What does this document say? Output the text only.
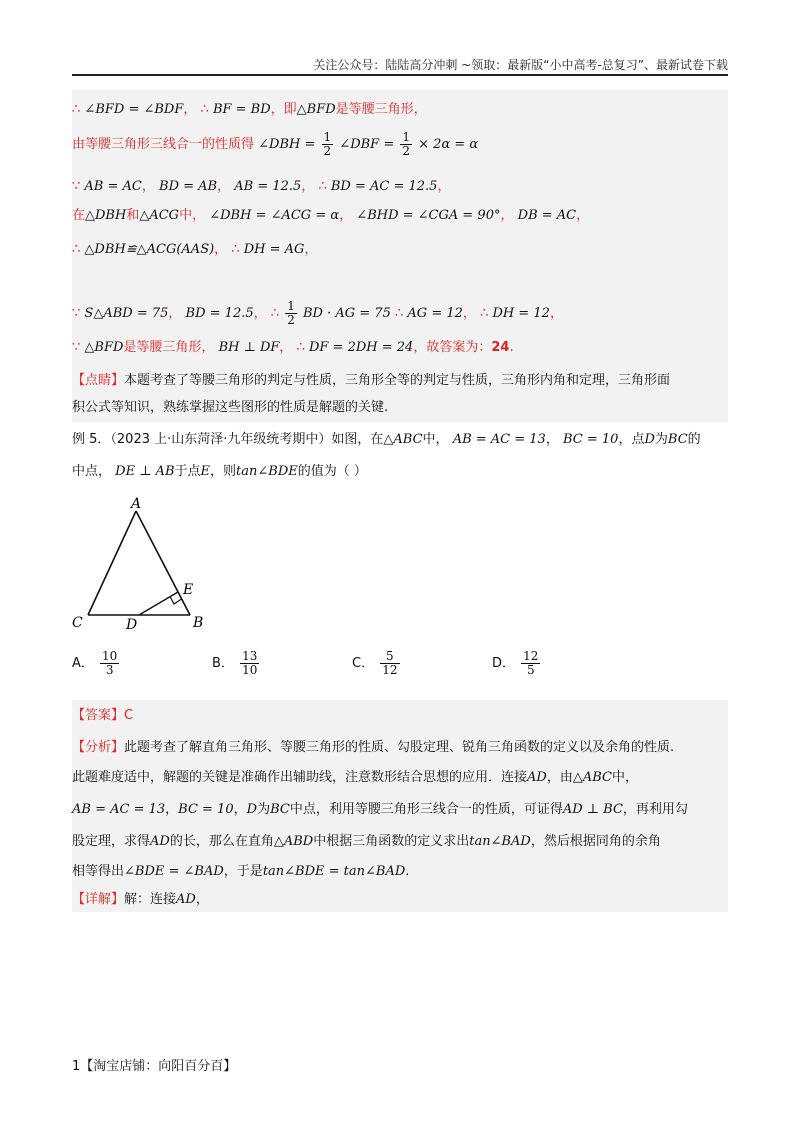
关注公众号：陆陆高分冲刺 ~领取：最新版“小中高考-总复习”、最新试卷下载
∴ ∠BFD = ∠BDF， ∴ BF = BD，即△BFD是等腰三角形，
由等腰三角形三线合一的性质得 ∠DBH = $\frac{1}{2}$ ∠DBF = $\frac{1}{2} \times 2\alpha = \alpha$
∵ AB = AC， BD = AB， AB = 12.5， ∴ BD = AC = 12.5，
在△DBH和△ACG中， ∠DBH = ∠ACG = α， ∠BHD = ∠CGA = 90°， DB = AC，
∴ △DBH≌△ACG(AAS)， ∴ DH = AG，
∵ S△ABD = 75， BD = 12.5， ∴ $\frac{1}{2}$ BD · AG = 75 ∴ AG = 12， ∴ DH = 12，
∵ △BFD是等腰三角形， BH ⊥ DF， ∴ DF = 2DH = 24，故答案为：24.
【点睛】本题考查了等腰三角形的判定与性质，三角形全等的判定与性质，三角形内角和定理，三角形面
积公式等知识，熟练掌握这些图形的性质是解题的关键.
例 5．（2023 上·山东菏泽·九年级统考期中）如图，在△ABC中， AB = AC = 13， BC = 10，点D为BC的
中点， DE ⊥ AB于点E，则tan∠BDE的值为（ ）
A
C	B
D
E
A． $\frac{10}{3}$	B． $\frac{13}{10}$	C． $\frac{5}{12}$	D． $\frac{12}{5}$
【答案】C
【分析】此题考查了解直角三角形、等腰三角形的性质、勾股定理、锐角三角函数的定义以及余角的性质.
此题难度适中，解题的关键是准确作出辅助线，注意数形结合思想的应用．连接AD，由△ABC中，
AB = AC = 13，BC = 10，D为BC中点，利用等腰三角形三线合一的性质，可证得AD ⊥ BC，再利用勾
股定理，求得AD的长，那么在直角△ABD中根据三角函数的定义求出tan∠BAD，然后根据同角的余角
相等得出∠BDE = ∠BAD，于是tan∠BDE = tan∠BAD.
【详解】解：连接AD，
1【淘宝店铺：向阳百分百】
